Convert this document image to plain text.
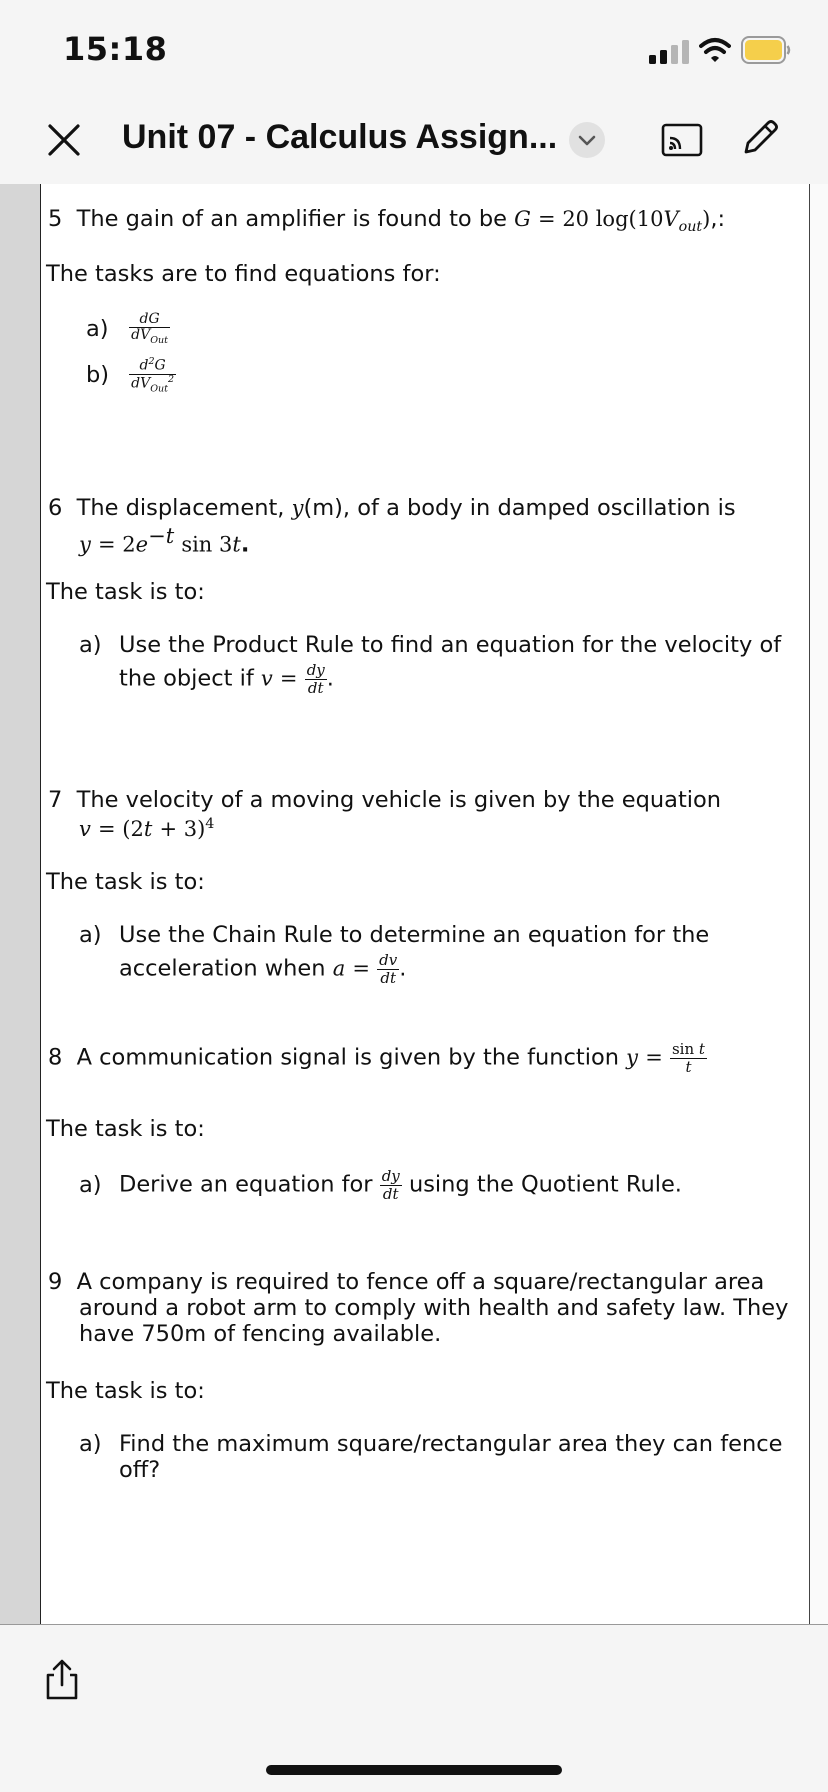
15:18
Unit 07 - Calculus Assign...
5 The gain of an amplifier is found to be G = 20 $\log(10V_{out})$,:
The tasks are to find equations for:
$a) \frac{dG}{dV_{Out}}$
$b) \frac{d^2G}{dV_{Out}^2}$
6 The displacement, y(m), of a body in damped oscillation is
$y = 2e^{-t}$ sin 3t.
The task is to:
a) Use the Product Rule to find an equation for the velocity of
the object if $v = \frac{dy}{dt}$ .
7 The velocity of a moving vehicle is given by the equation
$v = (2t + 3)^4$
The task is to:
a) Use the Chain Rule to determine an equation for the
acceleration when $a = \frac{dv}{dt}$ .
8 A communication signal is given by the function $y = \frac{\text{sin t}}{t}$
The task is to:
a) Derive an equation for $\frac{dy}{dt}$ using the Quotient Rule.
9 A company is required to fence off a square/rectangular area
around a robot arm to comply with health and safety law. They
have 750m of fencing available.
The task is to:
a) Find the maximum square/rectangular area they can fence
off?
